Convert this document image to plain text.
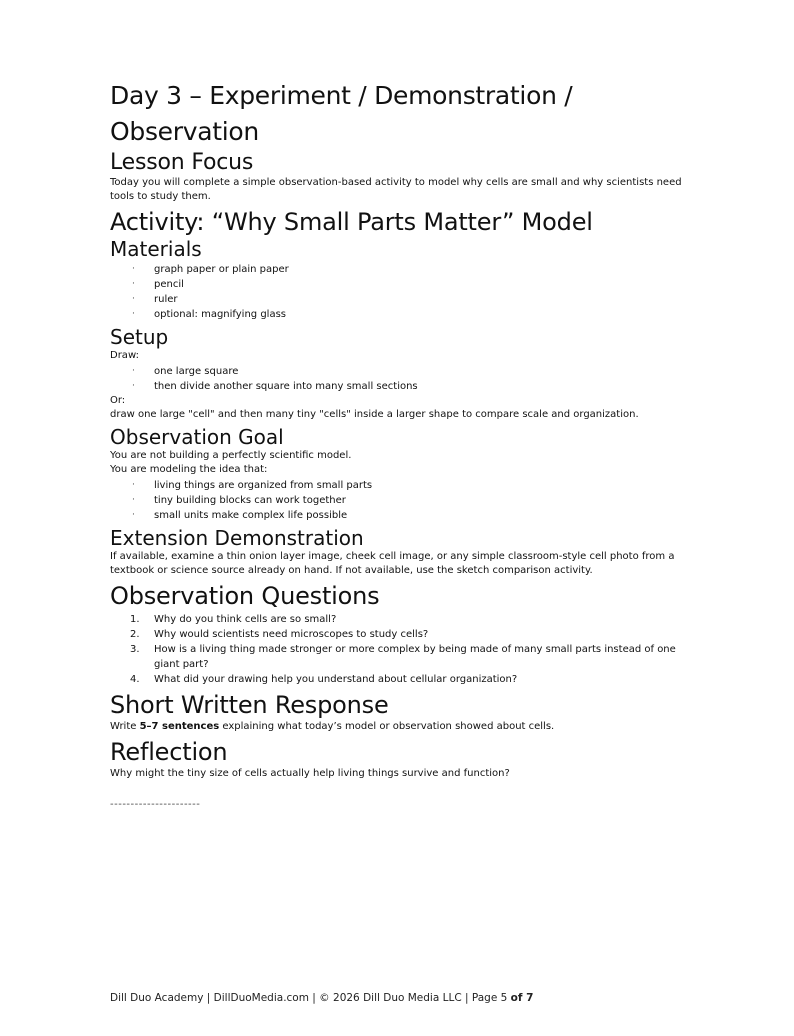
Day 3 – Experiment / Demonstration / Observation
Lesson Focus

Today you will complete a simple observation-based activity to model why cells are small and why scientists need tools to study them.

Activity: “Why Small Parts Matter” Model
Materials
· graph paper or plain paper
· pencil
· ruler
· optional: magnifying glass
Setup

Draw:

· one large square
· then divide another square into many small sections

Or:

draw one large "cell" and then many tiny "cells" inside a larger shape to compare scale and organization.

Observation Goal

You are not building a perfectly scientific model.

You are modeling the idea that:

· living things are organized from small parts
· tiny building blocks can work together
· small units make complex life possible
Extension Demonstration

If available, examine a thin onion layer image, cheek cell image, or any simple classroom-style cell photo from a textbook or science source already on hand. If not available, use the sketch comparison activity.

Observation Questions
1. Why do you think cells are so small?
2. Why would scientists need microscopes to study cells?
3. How is a living thing made stronger or more complex by being made of many small parts instead of one giant part?
4. What did your drawing help you understand about cellular organization?
Short Written Response

Write 5–7 sentences explaining what today’s model or observation showed about cells.

Reflection

Why might the tiny size of cells actually help living things survive and function?

----------------------
Dill Duo Academy | DillDuoMedia.com | © 2026 Dill Duo Media LLC | Page 5 of 7
